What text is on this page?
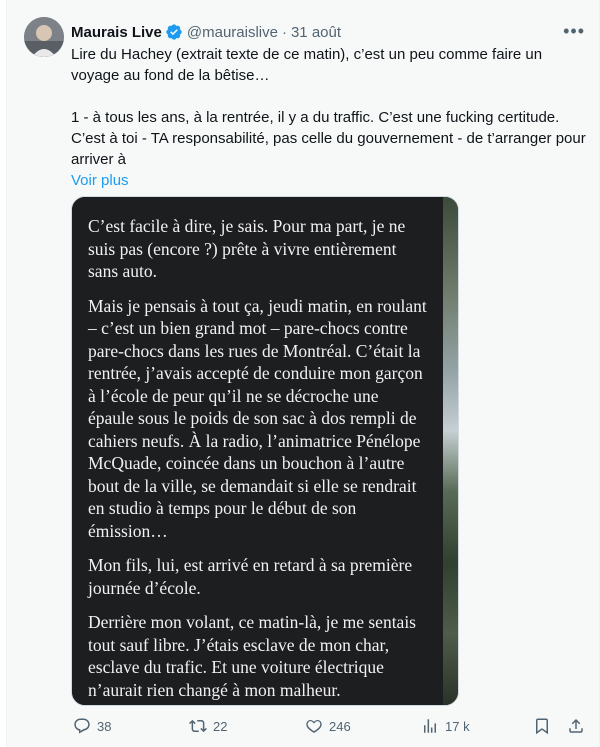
Maurais Live @mauraislive · 31 août	•••

Lire du Hachey (extrait texte de ce matin), c’est un peu comme faire un voyage au fond de la bêtise…

1 - à tous les ans, à la rentrée, il y a du traffic. C’est une fucking certitude. C’est à toi - TA responsabilité, pas celle du gouvernement - de t’arranger pour arriver à

Voir plus

C’est facile à dire, je sais. Pour ma part, je ne suis pas (encore ?) prête à vivre entièrement sans auto.

Mais je pensais à tout ça, jeudi matin, en roulant – c’est un bien grand mot – pare-chocs contre pare-chocs dans les rues de Montréal. C’était la rentrée, j’avais accepté de conduire mon garçon à l’école de peur qu’il ne se décroche une épaule sous le poids de son sac à dos rempli de cahiers neufs. À la radio, l’animatrice Pénélope McQuade, coincée dans un bouchon à l’autre bout de la ville, se demandait si elle se rendrait en studio à temps pour le début de son émission…

Mon fils, lui, est arrivé en retard à sa première journée d’école.

Derrière mon volant, ce matin-là, je me sentais tout sauf libre. J’étais esclave de mon char, esclave du trafic. Et une voiture électrique n’aurait rien changé à mon malheur.

38	22	246	17 k
